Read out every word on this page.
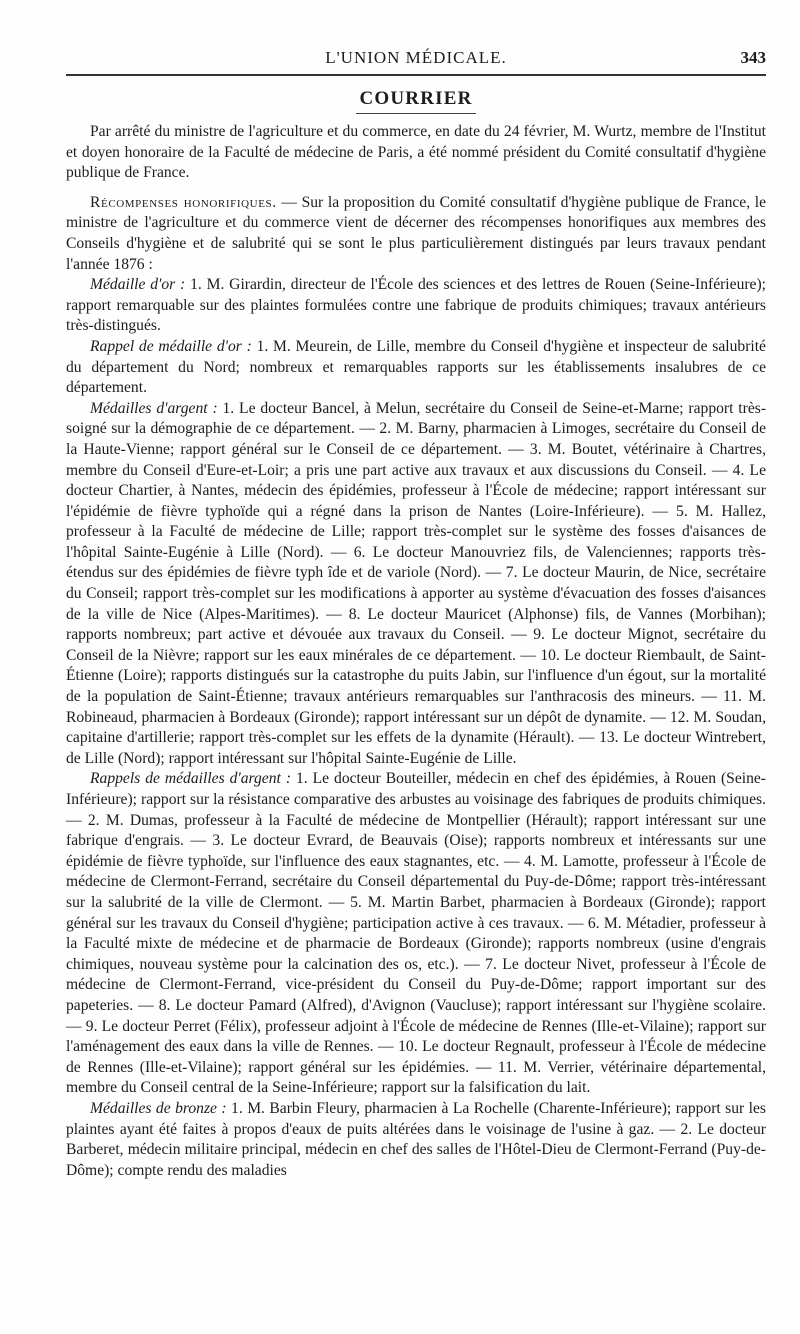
L'UNION MÉDICALE.	343
COURRIER

Par arrêté du ministre de l'agriculture et du commerce, en date du 24 février, M. Wurtz, membre de l'Institut et doyen honoraire de la Faculté de médecine de Paris, a été nommé président du Comité consultatif d'hygiène publique de France.

Récompenses honorifiques. — Sur la proposition du Comité consultatif d'hygiène publique de France, le ministre de l'agriculture et du commerce vient de décerner des récompenses honorifiques aux membres des Conseils d'hygiène et de salubrité qui se sont le plus particulièrement distingués par leurs travaux pendant l'année 1876 :

Médaille d'or : 1. M. Girardin, directeur de l'École des sciences et des lettres de Rouen (Seine-Inférieure); rapport remarquable sur des plaintes formulées contre une fabrique de produits chimiques; travaux antérieurs très-distingués.

Rappel de médaille d'or : 1. M. Meurein, de Lille, membre du Conseil d'hygiène et inspecteur de salubrité du département du Nord; nombreux et remarquables rapports sur les établissements insalubres de ce département.

Médailles d'argent : 1. Le docteur Bancel, à Melun, secrétaire du Conseil de Seine-et-Marne; rapport très-soigné sur la démographie de ce département. — 2. M. Barny, pharmacien à Limoges, secrétaire du Conseil de la Haute-Vienne; rapport général sur le Conseil de ce département. — 3. M. Boutet, vétérinaire à Chartres, membre du Conseil d'Eure-et-Loir; a pris une part active aux travaux et aux discussions du Conseil. — 4. Le docteur Chartier, à Nantes, médecin des épidémies, professeur à l'École de médecine; rapport intéressant sur l'épidémie de fièvre typhoïde qui a régné dans la prison de Nantes (Loire-Inférieure). — 5. M. Hallez, professeur à la Faculté de médecine de Lille; rapport très-complet sur le système des fosses d'aisances de l'hôpital Sainte-Eugénie à Lille (Nord). — 6. Le docteur Manouvriez fils, de Valenciennes; rapports très-étendus sur des épidémies de fièvre typh îde et de variole (Nord). — 7. Le docteur Maurin, de Nice, secrétaire du Conseil; rapport très-complet sur les modifications à apporter au système d'évacuation des fosses d'aisances de la ville de Nice (Alpes-Maritimes). — 8. Le docteur Mauricet (Alphonse) fils, de Vannes (Morbihan); rapports nombreux; part active et dévouée aux travaux du Conseil. — 9. Le docteur Mignot, secrétaire du Conseil de la Nièvre; rapport sur les eaux minérales de ce département. — 10. Le docteur Riembault, de Saint-Étienne (Loire); rapports distingués sur la catastrophe du puits Jabin, sur l'influence d'un égout, sur la mortalité de la population de Saint-Étienne; travaux antérieurs remarquables sur l'anthracosis des mineurs. — 11. M. Robineaud, pharmacien à Bordeaux (Gironde); rapport intéressant sur un dépôt de dynamite. — 12. M. Soudan, capitaine d'artillerie; rapport très-complet sur les effets de la dynamite (Hérault). — 13. Le docteur Wintrebert, de Lille (Nord); rapport intéressant sur l'hôpital Sainte-Eugénie de Lille.

Rappels de médailles d'argent : 1. Le docteur Bouteiller, médecin en chef des épidémies, à Rouen (Seine-Inférieure); rapport sur la résistance comparative des arbustes au voisinage des fabriques de produits chimiques. — 2. M. Dumas, professeur à la Faculté de médecine de Montpellier (Hérault); rapport intéressant sur une fabrique d'engrais. — 3. Le docteur Evrard, de Beauvais (Oise); rapports nombreux et intéressants sur une épidémie de fièvre typhoïde, sur l'influence des eaux stagnantes, etc. — 4. M. Lamotte, professeur à l'École de médecine de Clermont-Ferrand, secrétaire du Conseil départemental du Puy-de-Dôme; rapport très-intéressant sur la salubrité de la ville de Clermont. — 5. M. Martin Barbet, pharmacien à Bordeaux (Gironde); rapport général sur les travaux du Conseil d'hygiène; participation active à ces travaux. — 6. M. Métadier, professeur à la Faculté mixte de médecine et de pharmacie de Bordeaux (Gironde); rapports nombreux (usine d'engrais chimiques, nouveau système pour la calcination des os, etc.). — 7. Le docteur Nivet, professeur à l'École de médecine de Clermont-Ferrand, vice-président du Conseil du Puy-de-Dôme; rapport important sur des papeteries. — 8. Le docteur Pamard (Alfred), d'Avignon (Vaucluse); rapport intéressant sur l'hygiène scolaire. — 9. Le docteur Perret (Félix), professeur adjoint à l'École de médecine de Rennes (Ille-et-Vilaine); rapport sur l'aménagement des eaux dans la ville de Rennes. — 10. Le docteur Regnault, professeur à l'École de médecine de Rennes (Ille-et-Vilaine); rapport général sur les épidémies. — 11. M. Verrier, vétérinaire départemental, membre du Conseil central de la Seine-Inférieure; rapport sur la falsification du lait.

Médailles de bronze : 1. M. Barbin Fleury, pharmacien à La Rochelle (Charente-Inférieure); rapport sur les plaintes ayant été faites à propos d'eaux de puits altérées dans le voisinage de l'usine à gaz. — 2. Le docteur Barberet, médecin militaire principal, médecin en chef des salles de l'Hôtel-Dieu de Clermont-Ferrand (Puy-de-Dôme); compte rendu des maladies
